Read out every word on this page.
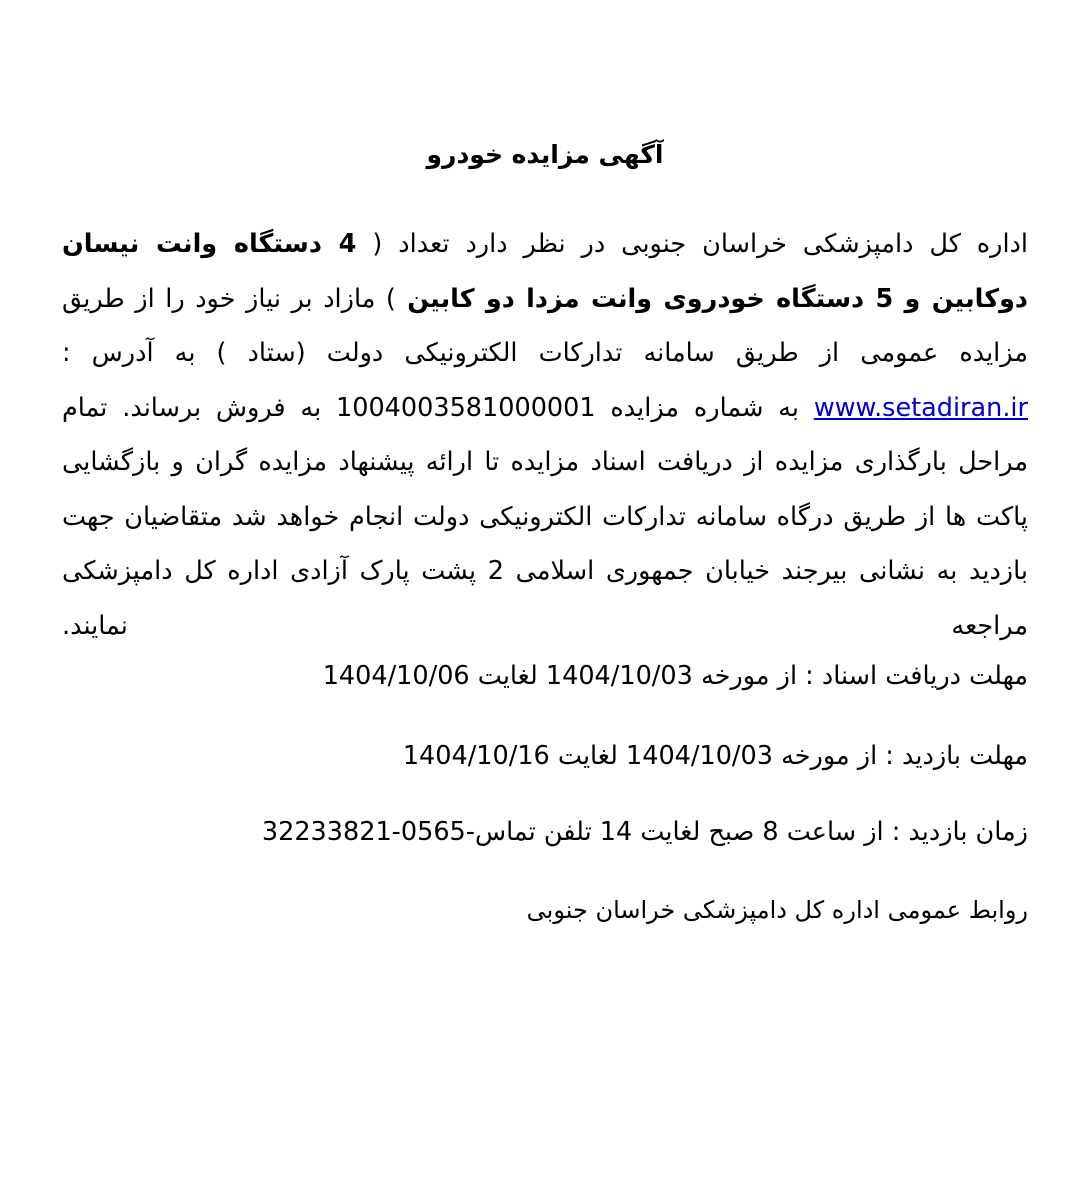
آگهی مزایده خودرو

اداره کل دامپزشکی خراسان جنوبی در نظر دارد تعداد ( 4 دستگاه وانت نیسان دوکابین و 5 دستگاه خودروی وانت مزدا دو کابین ) مازاد بر نیاز خود را از طریق مزایده عمومی از طریق سامانه تدارکات الکترونیکی دولت (ستاد ) به آدرس : www.setadiran.ir به شماره مزایده 1004003581000001 به فروش برساند. تمام مراحل بارگذاری مزایده از دریافت اسناد مزایده تا ارائه پیشنهاد مزایده گران و بازگشایی پاکت ها از طریق درگاه سامانه تدارکات الکترونیکی دولت انجام خواهد شد متقاضیان جهت بازدید به نشانی بیرجند خیابان جمهوری اسلامی 2 پشت پارک آزادی اداره کل دامپزشکی مراجعه نمایند.

مهلت دریافت اسناد : از مورخه 1404/10/03 لغایت 1404/10/06

مهلت بازدید : از مورخه 1404/10/03 لغایت 1404/10/16

زمان بازدید : از ساعت 8 صبح لغایت 14 تلفن تماس5-32233821-056

روابط عمومی اداره کل دامپزشکی خراسان جنوبی
